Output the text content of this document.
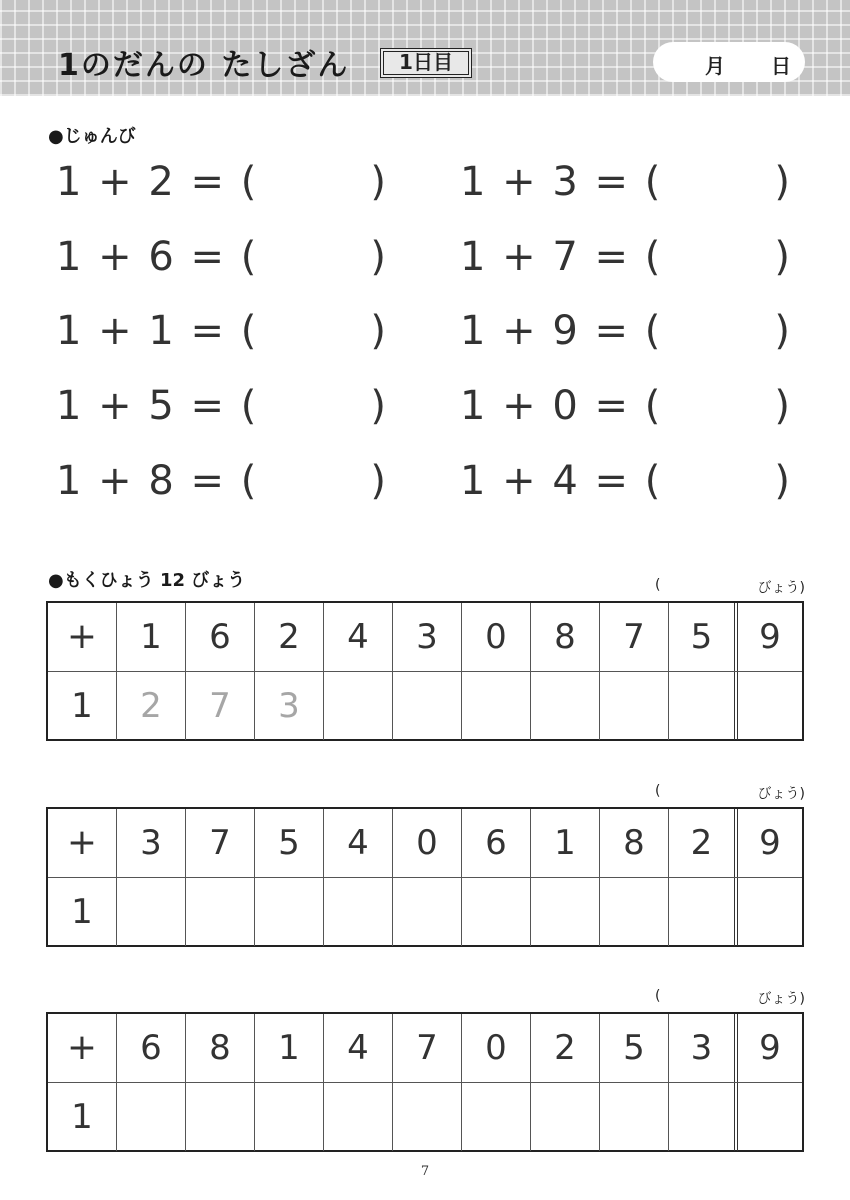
1のだんの たしざん	1日目	月 日
●じゅんび
1 + 2 = (	)
1 + 6 = (	)
1 + 1 = (	)
1 + 5 = (	)
1 + 8 = (	)
1 + 3 = (	)
1 + 7 = (	)
1 + 9 = (	)
1 + 0 = (	)
1 + 4 = (	)
●もくひょう 12 びょう	(	びょう)
+	1	6	2	4	3	0	8	7	5	9
1	2	7	3
(	びょう)
+	3	7	5	4	0	6	1	8	2	9
1
(	びょう)
+	6	8	1	4	7	0	2	5	3	9
1
7
